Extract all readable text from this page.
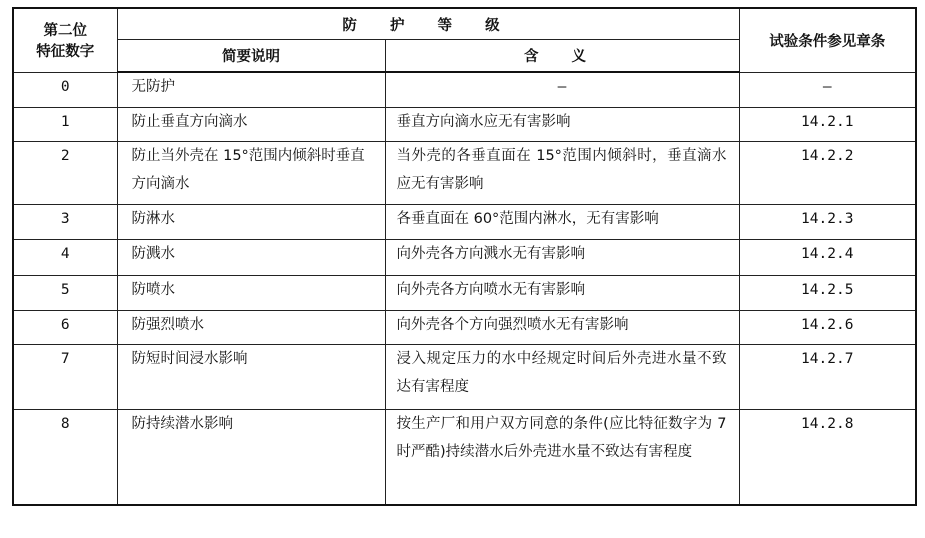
第二位
特征数字	防 护 等 级		试验条件参见章条
	简要说明	含 义	
0	无防护	—	—
1	防止垂直方向滴水	垂直方向滴水应无有害影响	14.2.1
2	防止当外壳在 15°范围内倾斜时垂直方向滴水	当外壳的各垂直面在 15°范围内倾斜时，垂直滴水应无有害影响	14.2.2
3	防淋水	各垂直面在 60°范围内淋水，无有害影响	14.2.3
4	防溅水	向外壳各方向溅水无有害影响	14.2.4
5	防喷水	向外壳各方向喷水无有害影响	14.2.5
6	防强烈喷水	向外壳各个方向强烈喷水无有害影响	14.2.6
7	防短时间浸水影响	浸入规定压力的水中经规定时间后外壳进水量不致达有害程度	14.2.7
8	防持续潜水影响	按生产厂和用户双方同意的条件(应比特征数字为 7 时严酷)持续潜水后外壳进水量不致达有害程度	14.2.8
